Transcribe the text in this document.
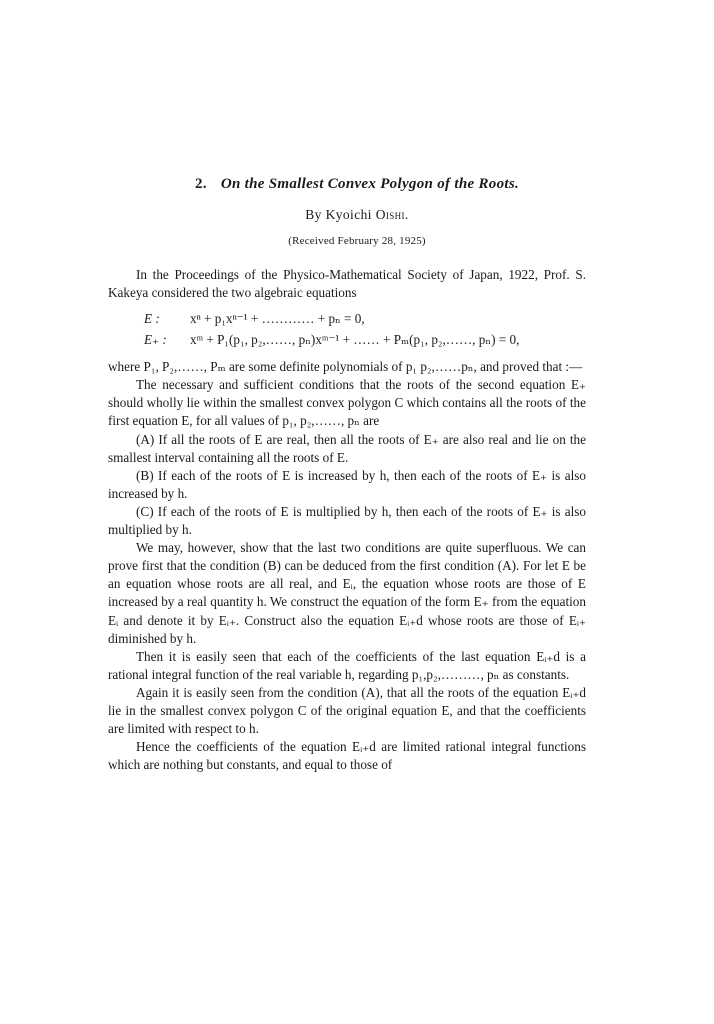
2. On the Smallest Convex Polygon of the Roots.
By Kyoichi Oishi.
(Received February 28, 1925)

In the Proceedings of the Physico-Mathematical Society of Japan, 1922, Prof. S. Kakeya considered the two algebraic equations

E :	xⁿ + p₁xⁿ⁻¹ + ………… + pₙ = 0,
E₊ :	xᵐ + P₁(p₁, p₂,……, pₙ)xᵐ⁻¹ + …… + Pₘ(p₁, p₂,……, pₙ) = 0,

where P₁, P₂,……, Pₘ are some definite polynomials of p₁ p₂,……pₙ, and proved that :—

The necessary and sufficient conditions that the roots of the second equation E₊ should wholly lie within the smallest convex polygon C which contains all the roots of the first equation E, for all values of p₁, p₂,……, pₙ are

(A) If all the roots of E are real, then all the roots of E₊ are also real and lie on the smallest interval containing all the roots of E.

(B) If each of the roots of E is increased by h, then each of the roots of E₊ is also increased by h.

(C) If each of the roots of E is multiplied by h, then each of the roots of E₊ is also multiplied by h.

We may, however, show that the last two conditions are quite superfluous. We can prove first that the condition (B) can be deduced from the first condition (A). For let E be an equation whose roots are all real, and Eᵢ, the equation whose roots are those of E increased by a real quantity h. We construct the equation of the form E₊ from the equation Eᵢ and denote it by Eᵢ₊. Construct also the equation Eᵢ₊d whose roots are those of Eᵢ₊ diminished by h.

Then it is easily seen that each of the coefficients of the last equation Eᵢ₊d is a rational integral function of the real variable h, regarding p₁,p₂,………, pₙ as constants.

Again it is easily seen from the condition (A), that all the roots of the equation Eᵢ₊d lie in the smallest convex polygon C of the original equation E, and that the coefficients are limited with respect to h.

Hence the coefficients of the equation Eᵢ₊d are limited rational integral functions which are nothing but constants, and equal to those of
